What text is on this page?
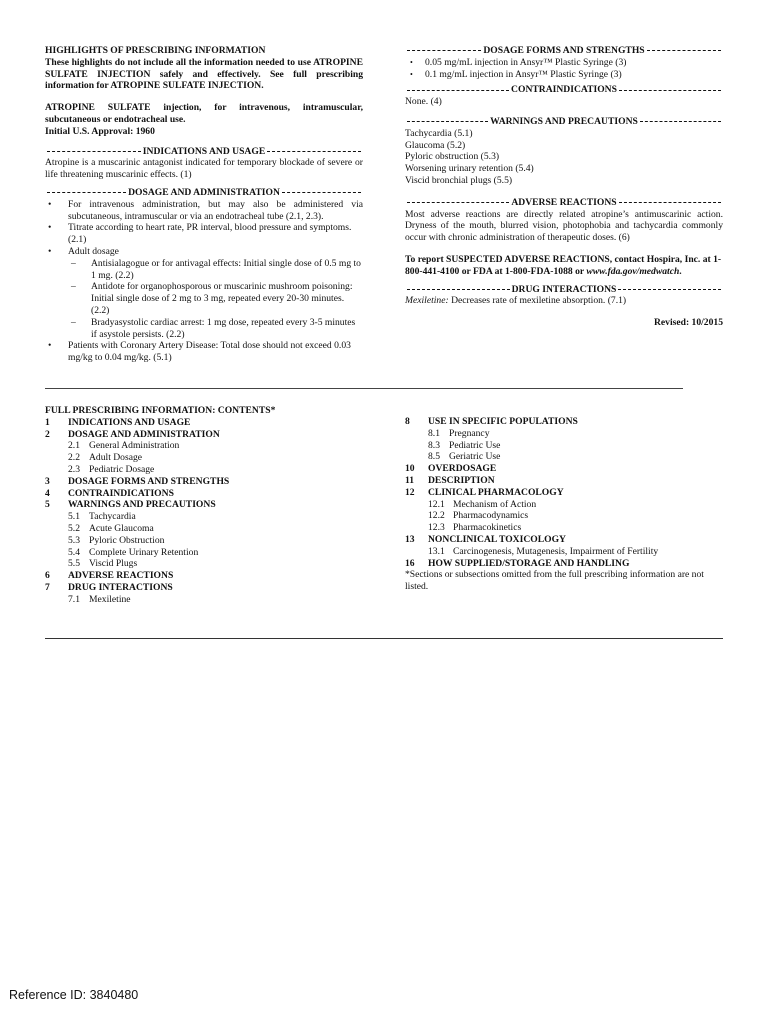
HIGHLIGHTS OF PRESCRIBING INFORMATION

These highlights do not include all the information needed to use ATROPINE SULFATE INJECTION safely and effectively. See full prescribing information for ATROPINE SULFATE INJECTION.

ATROPINE SULFATE injection, for intravenous, intramuscular, subcutaneous or endotracheal use.

Initial U.S. Approval: 1960

INDICATIONS AND USAGE

Atropine is a muscarinic antagonist indicated for temporary blockade of severe or life threatening muscarinic effects. (1)

DOSAGE AND ADMINISTRATION
• For intravenous administration, but may also be administered via subcutaneous, intramuscular or via an endotracheal tube (2.1, 2.3).
• Titrate according to heart rate, PR interval, blood pressure and symptoms. (2.1)
• Adult dosage
– Antisialagogue or for antivagal effects: Initial single dose of 0.5 mg to 1 mg. (2.2)
– Antidote for organophosporous or muscarinic mushroom poisoning: Initial single dose of 2 mg to 3 mg, repeated every 20-30 minutes. (2.2)
– Bradyasystolic cardiac arrest: 1 mg dose, repeated every 3-5 minutes if asystole persists. (2.2)
• Patients with Coronary Artery Disease: Total dose should not exceed 0.03 mg/kg to 0.04 mg/kg. (5.1)
DOSAGE FORMS AND STRENGTHS
• 0.05 mg/mL injection in Ansyr™ Plastic Syringe (3)
• 0.1 mg/mL injection in Ansyr™ Plastic Syringe (3)
CONTRAINDICATIONS

None. (4)

WARNINGS AND PRECAUTIONS

Tachycardia (5.1)

Glaucoma (5.2)

Pyloric obstruction (5.3)

Worsening urinary retention (5.4)

Viscid bronchial plugs (5.5)

ADVERSE REACTIONS

Most adverse reactions are directly related atropine’s antimuscarinic action. Dryness of the mouth, blurred vision, photophobia and tachycardia commonly occur with chronic administration of therapeutic doses. (6)

To report SUSPECTED ADVERSE REACTIONS, contact Hospira, Inc. at 1-800-441-4100 or FDA at 1-800-FDA-1088 or www.fda.gov/medwatch.

DRUG INTERACTIONS

Mexiletine: Decreases rate of mexiletine absorption. (7.1)

Revised: 10/2015

FULL PRESCRIBING INFORMATION: CONTENTS*

1	INDICATIONS AND USAGE
2	DOSAGE AND ADMINISTRATION
2.1 General Administration
2.2 Adult Dosage
2.3 Pediatric Dosage
3	DOSAGE FORMS AND STRENGTHS
4	CONTRAINDICATIONS
5	WARNINGS AND PRECAUTIONS
5.1 Tachycardia
5.2 Acute Glaucoma
5.3 Pyloric Obstruction
5.4 Complete Urinary Retention
5.5 Viscid Plugs
6	ADVERSE REACTIONS
7	DRUG INTERACTIONS
7.1 Mexiletine
8	USE IN SPECIFIC POPULATIONS
8.1 Pregnancy
8.3 Pediatric Use
8.5 Geriatric Use
10	OVERDOSAGE
11	DESCRIPTION
12	CLINICAL PHARMACOLOGY
12.1 Mechanism of Action
12.2 Pharmacodynamics
12.3 Pharmacokinetics
13	NONCLINICAL TOXICOLOGY
13.1 Carcinogenesis, Mutagenesis, Impairment of Fertility
16	HOW SUPPLIED/STORAGE AND HANDLING

*Sections or subsections omitted from the full prescribing information are not listed.

Reference ID: 3840480
